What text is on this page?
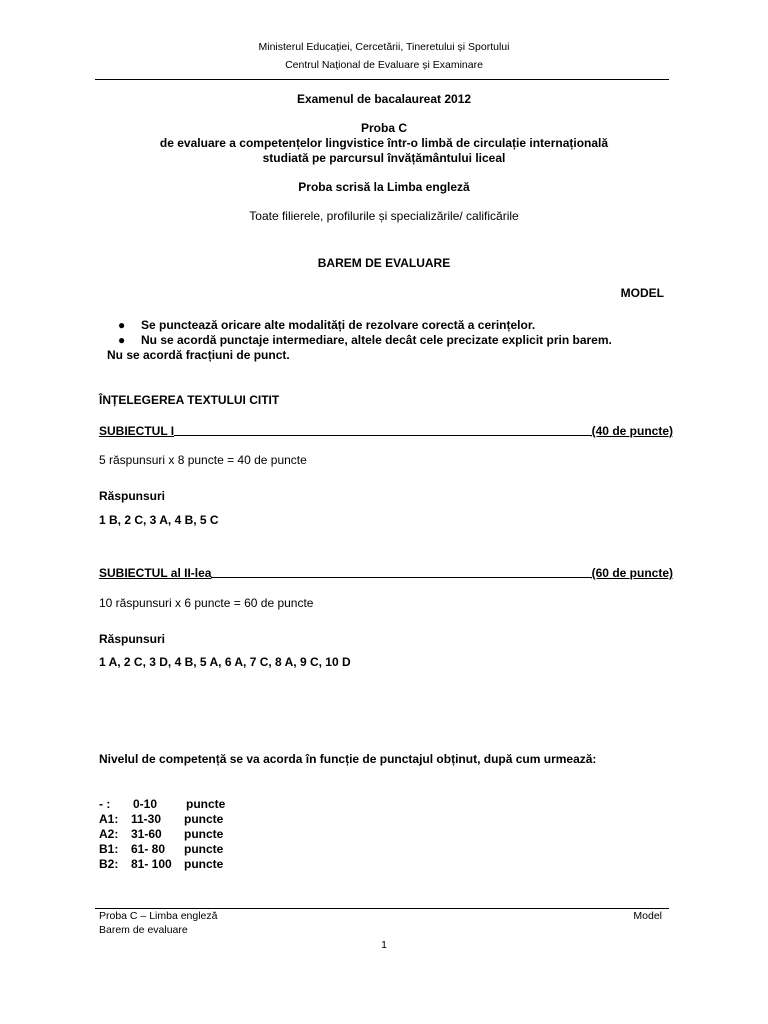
Ministerul Educației, Cercetării, Tineretului și Sportului
Centrul Național de Evaluare și Examinare
Examenul de bacalaureat 2012
Proba C
de evaluare a competențelor lingvistice într-o limbă de circulație internațională
studiată pe parcursul învățământului liceal
Proba scrisă la Limba engleză
Toate filierele, profilurile și specializările/ calificările
BAREM DE EVALUARE
MODEL
● Se punctează oricare alte modalități de rezolvare corectă a cerințelor.
● Nu se acordă punctaje intermediare, altele decât cele precizate explicit prin barem.
Nu se acordă fracțiuni de punct.
ÎNȚELEGEREA TEXTULUI CITIT
SUBIECTUL I	(40 de puncte)
5 răspunsuri x 8 puncte = 40 de puncte
Răspunsuri
1 B, 2 C, 3 A, 4 B, 5 C
SUBIECTUL al II-lea	(60 de puncte)
10 răspunsuri x 6 puncte = 60 de puncte
Răspunsuri
1 A, 2 C, 3 D, 4 B, 5 A, 6 A, 7 C, 8 A, 9 C, 10 D
Nivelul de competență se va acorda în funcție de punctajul obținut, după cum urmează:
- : 0-10 puncte
A1: 11-30 puncte
A2: 31-60 puncte
B1: 61- 80 puncte
B2: 81- 100 puncte
Proba C – Limba engleză
Barem de evaluare
Model
1
